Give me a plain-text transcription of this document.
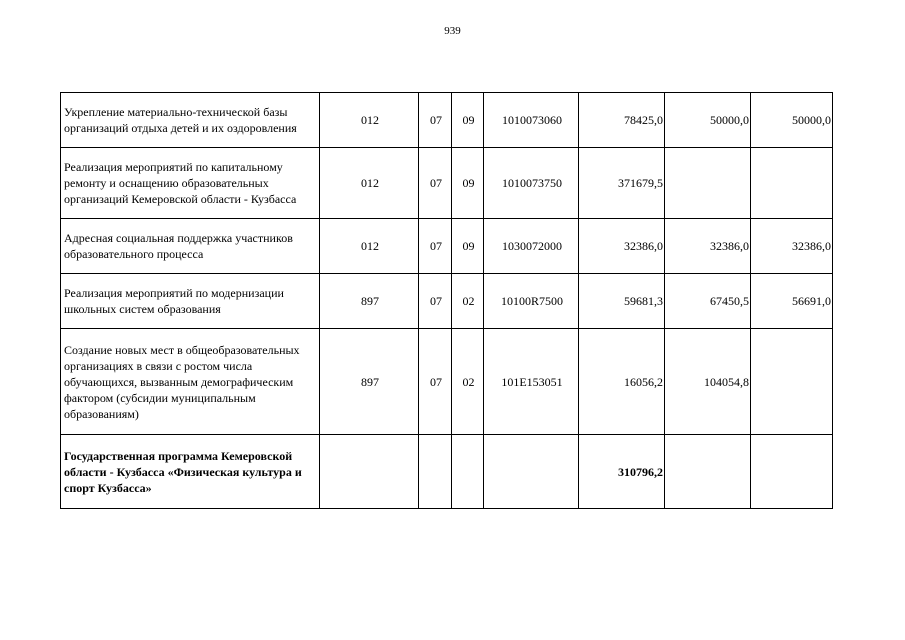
939
Укрепление материально-технической базы организаций отдыха детей и их оздоровления	012	07	09	1010073060	78425,0	50000,0	50000,0
Реализация мероприятий по капитальному ремонту и оснащению образовательных организаций Кемеровской области - Кузбасса	012	07	09	1010073750	371679,5		
Адресная социальная поддержка участников образовательного процесса	012	07	09	1030072000	32386,0	32386,0	32386,0
Реализация мероприятий по модернизации школьных систем образования	897	07	02	10100R7500	59681,3	67450,5	56691,0
Создание новых мест в общеобразовательных организациях в связи с ростом числа обучающихся, вызванным демографическим фактором (субсидии муниципальным образованиям)	897	07	02	101E153051	16056,2	104054,8	
Государственная программа Кемеровской области - Кузбасса «Физическая культура и спорт Кузбасса»					310796,2		
